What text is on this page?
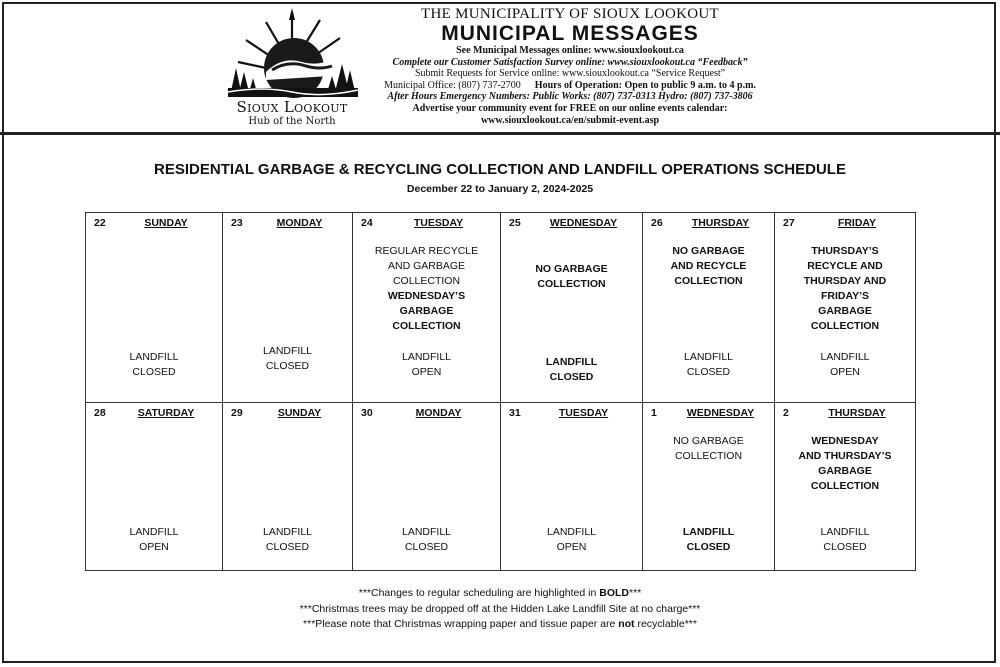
Sioux Lookout
Hub of the North
THE MUNICIPALITY OF SIOUX LOOKOUT
MUNICIPAL MESSAGES
See Municipal Messages online: www.siouxlookout.ca
Complete our Customer Satisfaction Survey online: www.siouxlookout.ca “Feedback”
Submit Requests for Service online: www.siouxlookout.ca “Service Request”
Municipal Office: (807) 737-2700 Hours of Operation: Open to public 9 a.m. to 4 p.m.
After Hours Emergency Numbers: Public Works: (807) 737-0313 Hydro: (807) 737-3806
Advertise your community event for FREE on our online events calendar:
www.siouxlookout.ca/en/submit-event.asp
RESIDENTIAL GARBAGE & RECYCLING COLLECTION AND LANDFILL OPERATIONS SCHEDULE
December 22 to January 2, 2024-2025
22	SUNDAY
LANDFILL
CLOSED
23	MONDAY
LANDFILL
CLOSED
24	TUESDAY
REGULAR RECYCLE
AND GARBAGE
COLLECTION
WEDNESDAY’S
GARBAGE
COLLECTION
LANDFILL
OPEN
25	WEDNESDAY
NO GARBAGE
COLLECTION
LANDFILL
CLOSED
26	THURSDAY
NO GARBAGE
AND RECYCLE
COLLECTION
LANDFILL
CLOSED
27	FRIDAY
THURSDAY’S
RECYCLE AND
THURSDAY AND
FRIDAY’S
GARBAGE
COLLECTION
LANDFILL
OPEN
28	SATURDAY
LANDFILL
OPEN
29	SUNDAY
LANDFILL
CLOSED
30	MONDAY
LANDFILL
CLOSED
31	TUESDAY
LANDFILL
OPEN
1	WEDNESDAY
NO GARBAGE
COLLECTION
LANDFILL
CLOSED
2	THURSDAY
WEDNESDAY
AND THURSDAY’S
GARBAGE
COLLECTION
LANDFILL
CLOSED
***Changes to regular scheduling are highlighted in BOLD***
***Christmas trees may be dropped off at the Hidden Lake Landfill Site at no charge***
***Please note that Christmas wrapping paper and tissue paper are not recyclable***
